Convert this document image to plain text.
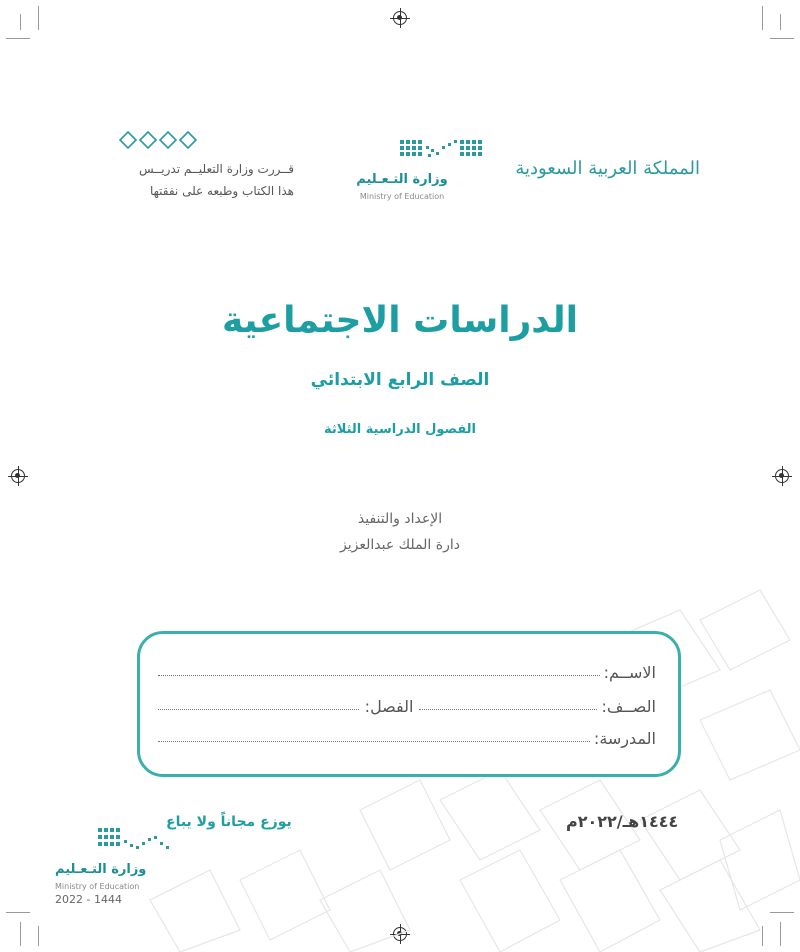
قــررت وزارة التعليــم تدريــس
هذا الكتاب وطبعه على نفقتها
وزارة التـعـليم
Ministry of Education
المملكة العربية السعودية
الدراسات الاجتماعية
الصف الرابع الابتدائي
الفصول الدراسية الثلاثة
الإعداد والتنفيذ
دارة الملك عبدالعزيز
الاســم:
الصــف:
الفصل:
المدرسة:
١٤٤٤هـ/٢٠٢٢م
يوزع مجاناً ولا يباع
وزارة التـعـليم
Ministry of Education
2022 - 1444
